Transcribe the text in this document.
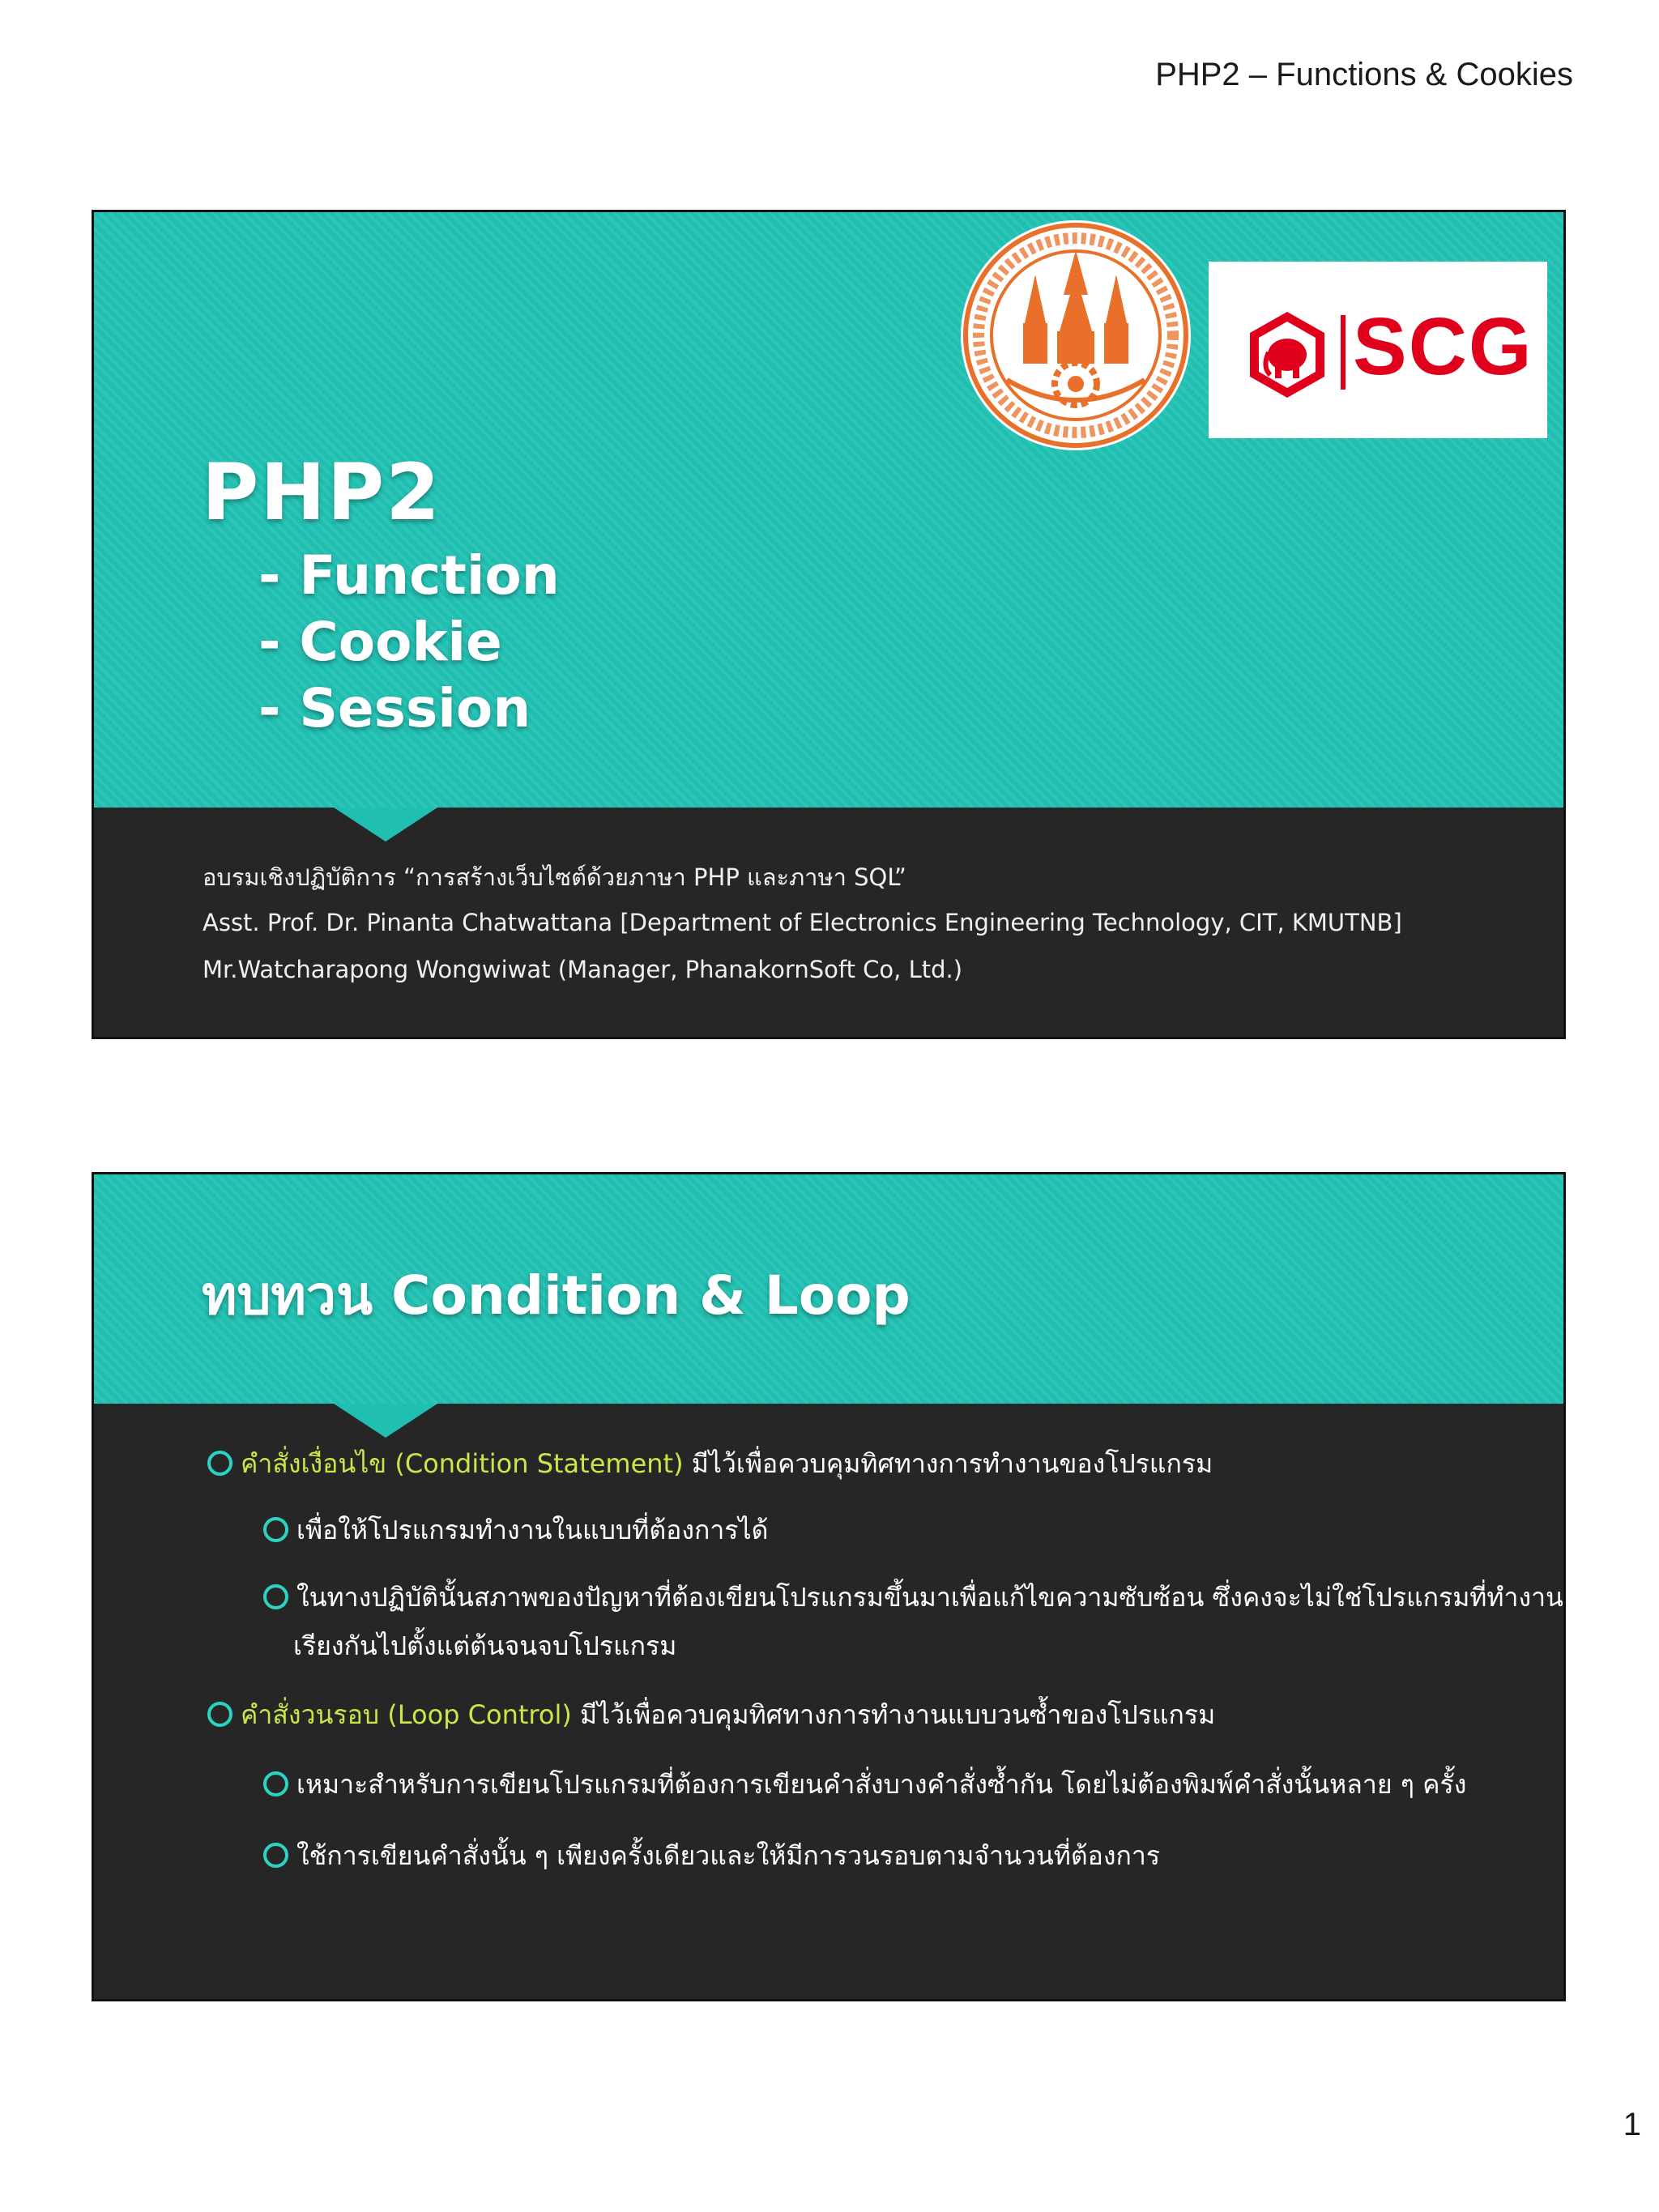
PHP2 – Functions & Cookies
SCG
PHP2
- Function
- Cookie
- Session
อบรมเชิงปฏิบัติการ “การสร้างเว็บไซต์ด้วยภาษา PHP และภาษา SQL”
Asst. Prof. Dr. Pinanta Chatwattana [Department of Electronics Engineering Technology, CIT, KMUTNB]
Mr.Watcharapong Wongwiwat (Manager, PhanakornSoft Co, Ltd.)
ทบทวน Condition & Loop
คำสั่งเงื่อนไข (Condition Statement) มีไว้เพื่อควบคุมทิศทางการทำงานของโปรแกรม
เพื่อให้โปรแกรมทำงานในแบบที่ต้องการได้
ในทางปฏิบัตินั้นสภาพของปัญหาที่ต้องเขียนโปรแกรมขึ้นมาเพื่อแก้ไขความซับซ้อน ซึ่งคงจะไม่ใช่โปรแกรมที่ทำงาน
เรียงกันไปตั้งแต่ต้นจนจบโปรแกรม
คำสั่งวนรอบ (Loop Control) มีไว้เพื่อควบคุมทิศทางการทำงานแบบวนซ้ำของโปรแกรม
เหมาะสำหรับการเขียนโปรแกรมที่ต้องการเขียนคำสั่งบางคำสั่งซ้ำกัน โดยไม่ต้องพิมพ์คำสั่งนั้นหลาย ๆ ครั้ง
ใช้การเขียนคำสั่งนั้น ๆ เพียงครั้งเดียวและให้มีการวนรอบตามจำนวนที่ต้องการ
1
